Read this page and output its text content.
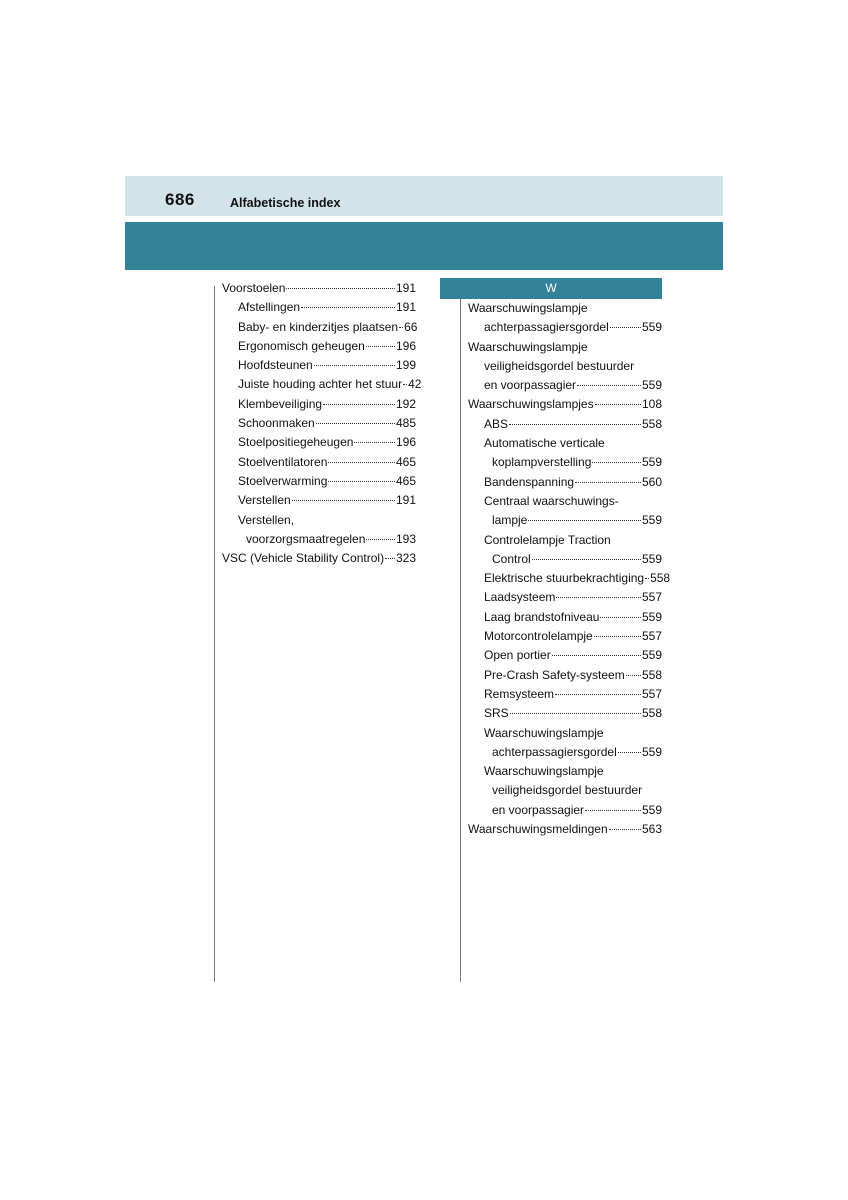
686	Alfabetische index
W
Voorstoelen	191
Afstellingen	191
Baby- en kinderzitjes plaatsen 66
Ergonomisch geheugen	196
Hoofdsteunen	199
Juiste houding achter het stuur 42
Klembeveiliging	192
Schoonmaken	485
Stoelpositiegeheugen	196
Stoelventilatoren	465
Stoelverwarming	465
Verstellen	191
Verstellen,
voorzorgsmaatregelen	193
VSC (Vehicle Stability Control) 323
Waarschuwingslampje
achterpassagiersgordel	559
Waarschuwingslampje
veiligheidsgordel bestuurder
en voorpassagier	559
Waarschuwingslampjes	108
ABS	558
Automatische verticale
koplampverstelling	559
Bandenspanning	560
Centraal waarschuwings-
lampje	559
Controlelampje Traction
Control	559
Elektrische stuurbekrachtiging 558
Laadsysteem	557
Laag brandstofniveau	559
Motorcontrolelampje	557
Open portier	559
Pre-Crash Safety-systeem 558
Remsysteem	557
SRS	558
Waarschuwingslampje
achterpassagiersgordel 559
Waarschuwingslampje
veiligheidsgordel bestuurder
en voorpassagier	559
Waarschuwingsmeldingen	563
